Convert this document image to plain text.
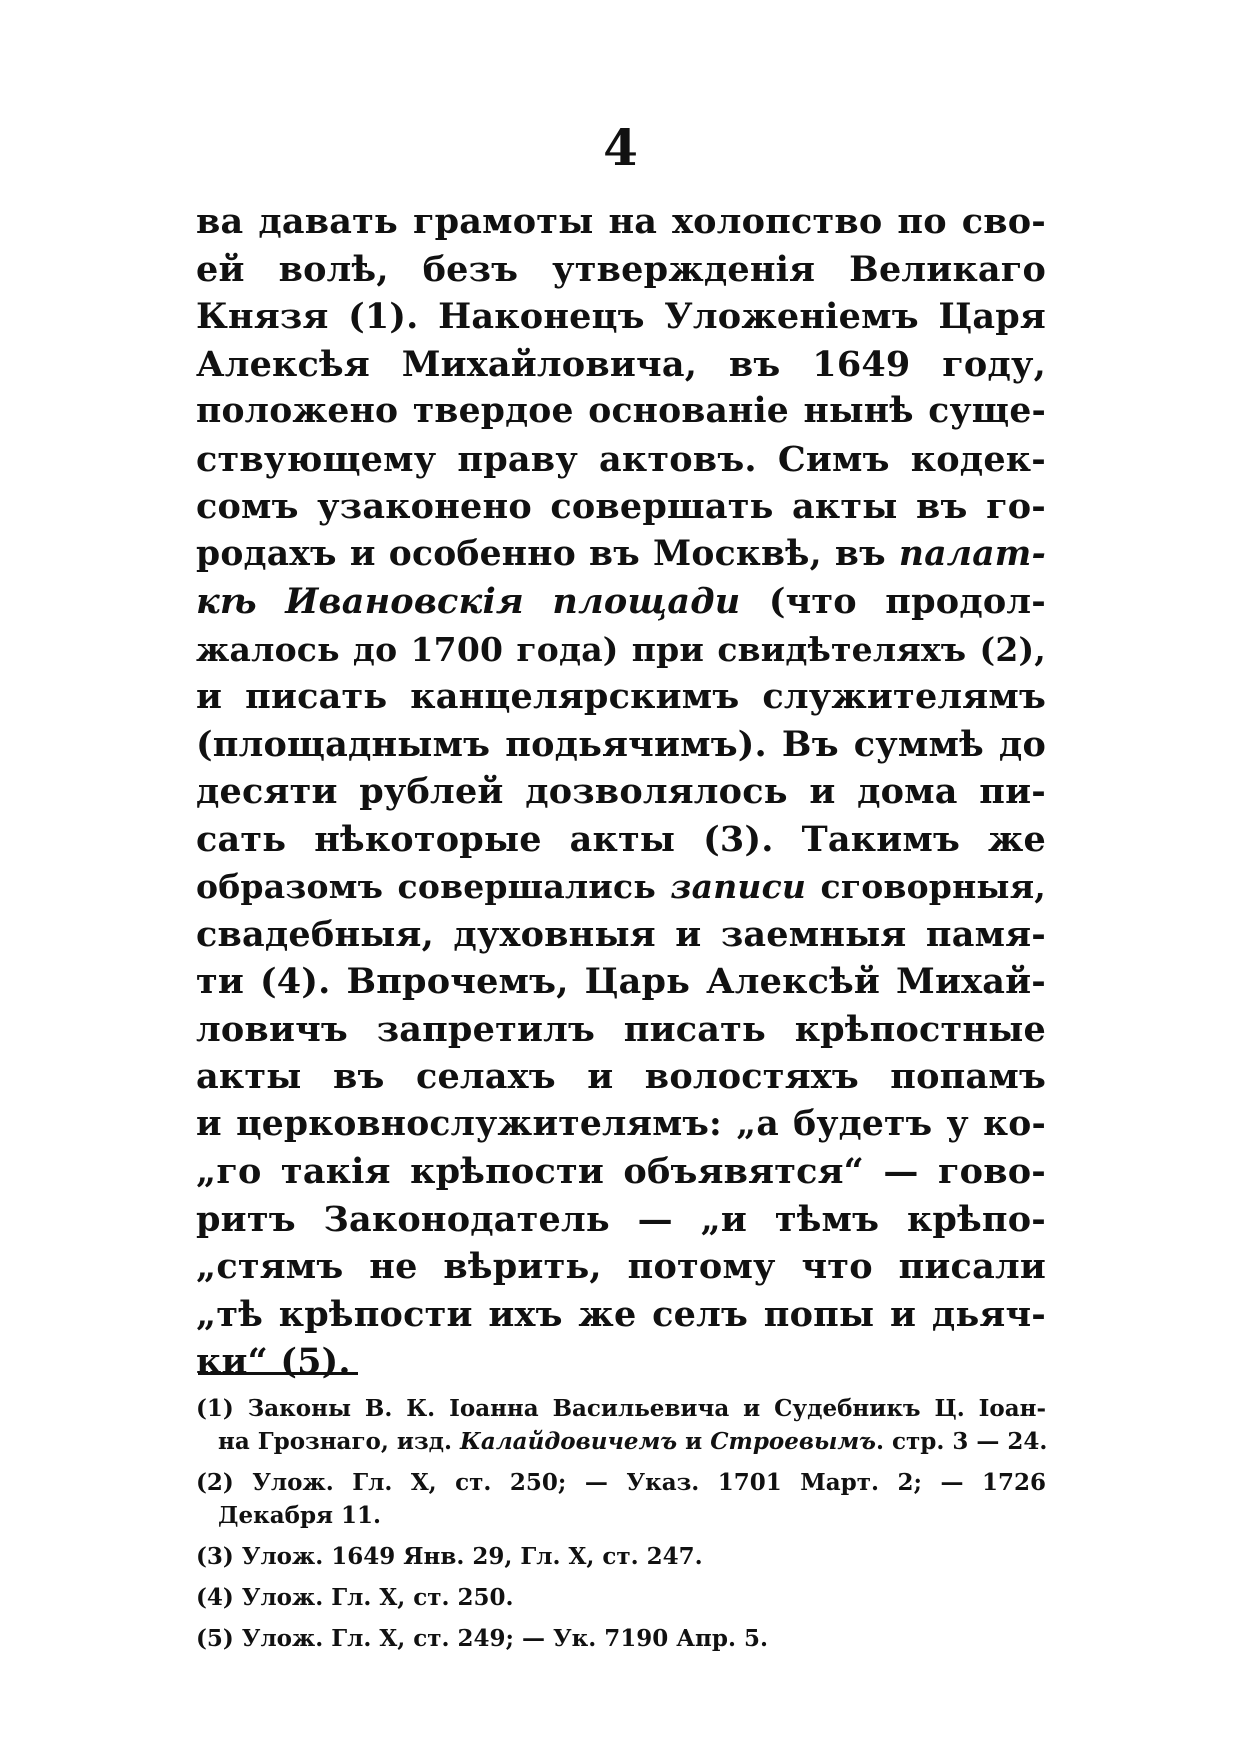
4
ва давать грамоты на холопство по сво-
ей волѣ, безъ утвержденія Великаго
Князя (1). Наконецъ Уложеніемъ Царя
Алексѣя Михайловича, въ 1649 году,
положено твердое основаніе нынѣ суще-
ствующему праву актовъ. Симъ кодек-
сомъ узаконено совершать акты въ го-
родахъ и особенно въ Москвѣ, въ палат-
кѣ Ивановскія площади (что продол-
жалось до 1700 года) при свидѣтеляхъ (2),
и писать канцелярскимъ служителямъ
(площаднымъ подьячимъ). Въ суммѣ до
десяти рублей дозволялось и дома пи-
сать нѣкоторые акты (3). Такимъ же
образомъ совершались записи сговорныя,
свадебныя, духовныя и заемныя памя-
ти (4). Впрочемъ, Царь Алексѣй Михай-
ловичъ запретилъ писать крѣпостные
акты въ селахъ и волостяхъ попамъ
и церковнослужителямъ: „а будетъ у ко-
„го такія крѣпости объявятся“ — гово-
ритъ Законодатель — „и тѣмъ крѣпо-
„стямъ не вѣрить, потому что писали
„тѣ крѣпости ихъ же селъ попы и дьяч-
ки“ (5).
(1) Законы В. К. Іоанна Васильевича и Судебникъ Ц. Іоан-
на Грознаго, изд. Калайдовичемъ и Строевымъ. стр. 3 — 24.
(2) Улож. Гл. X, ст. 250; — Указ. 1701 Март. 2; — 1726
Декабря 11.
(3) Улож. 1649 Янв. 29, Гл. X, ст. 247.
(4) Улож. Гл. X, ст. 250.
(5) Улож. Гл. X, ст. 249; — Ук. 7190 Апр. 5.
